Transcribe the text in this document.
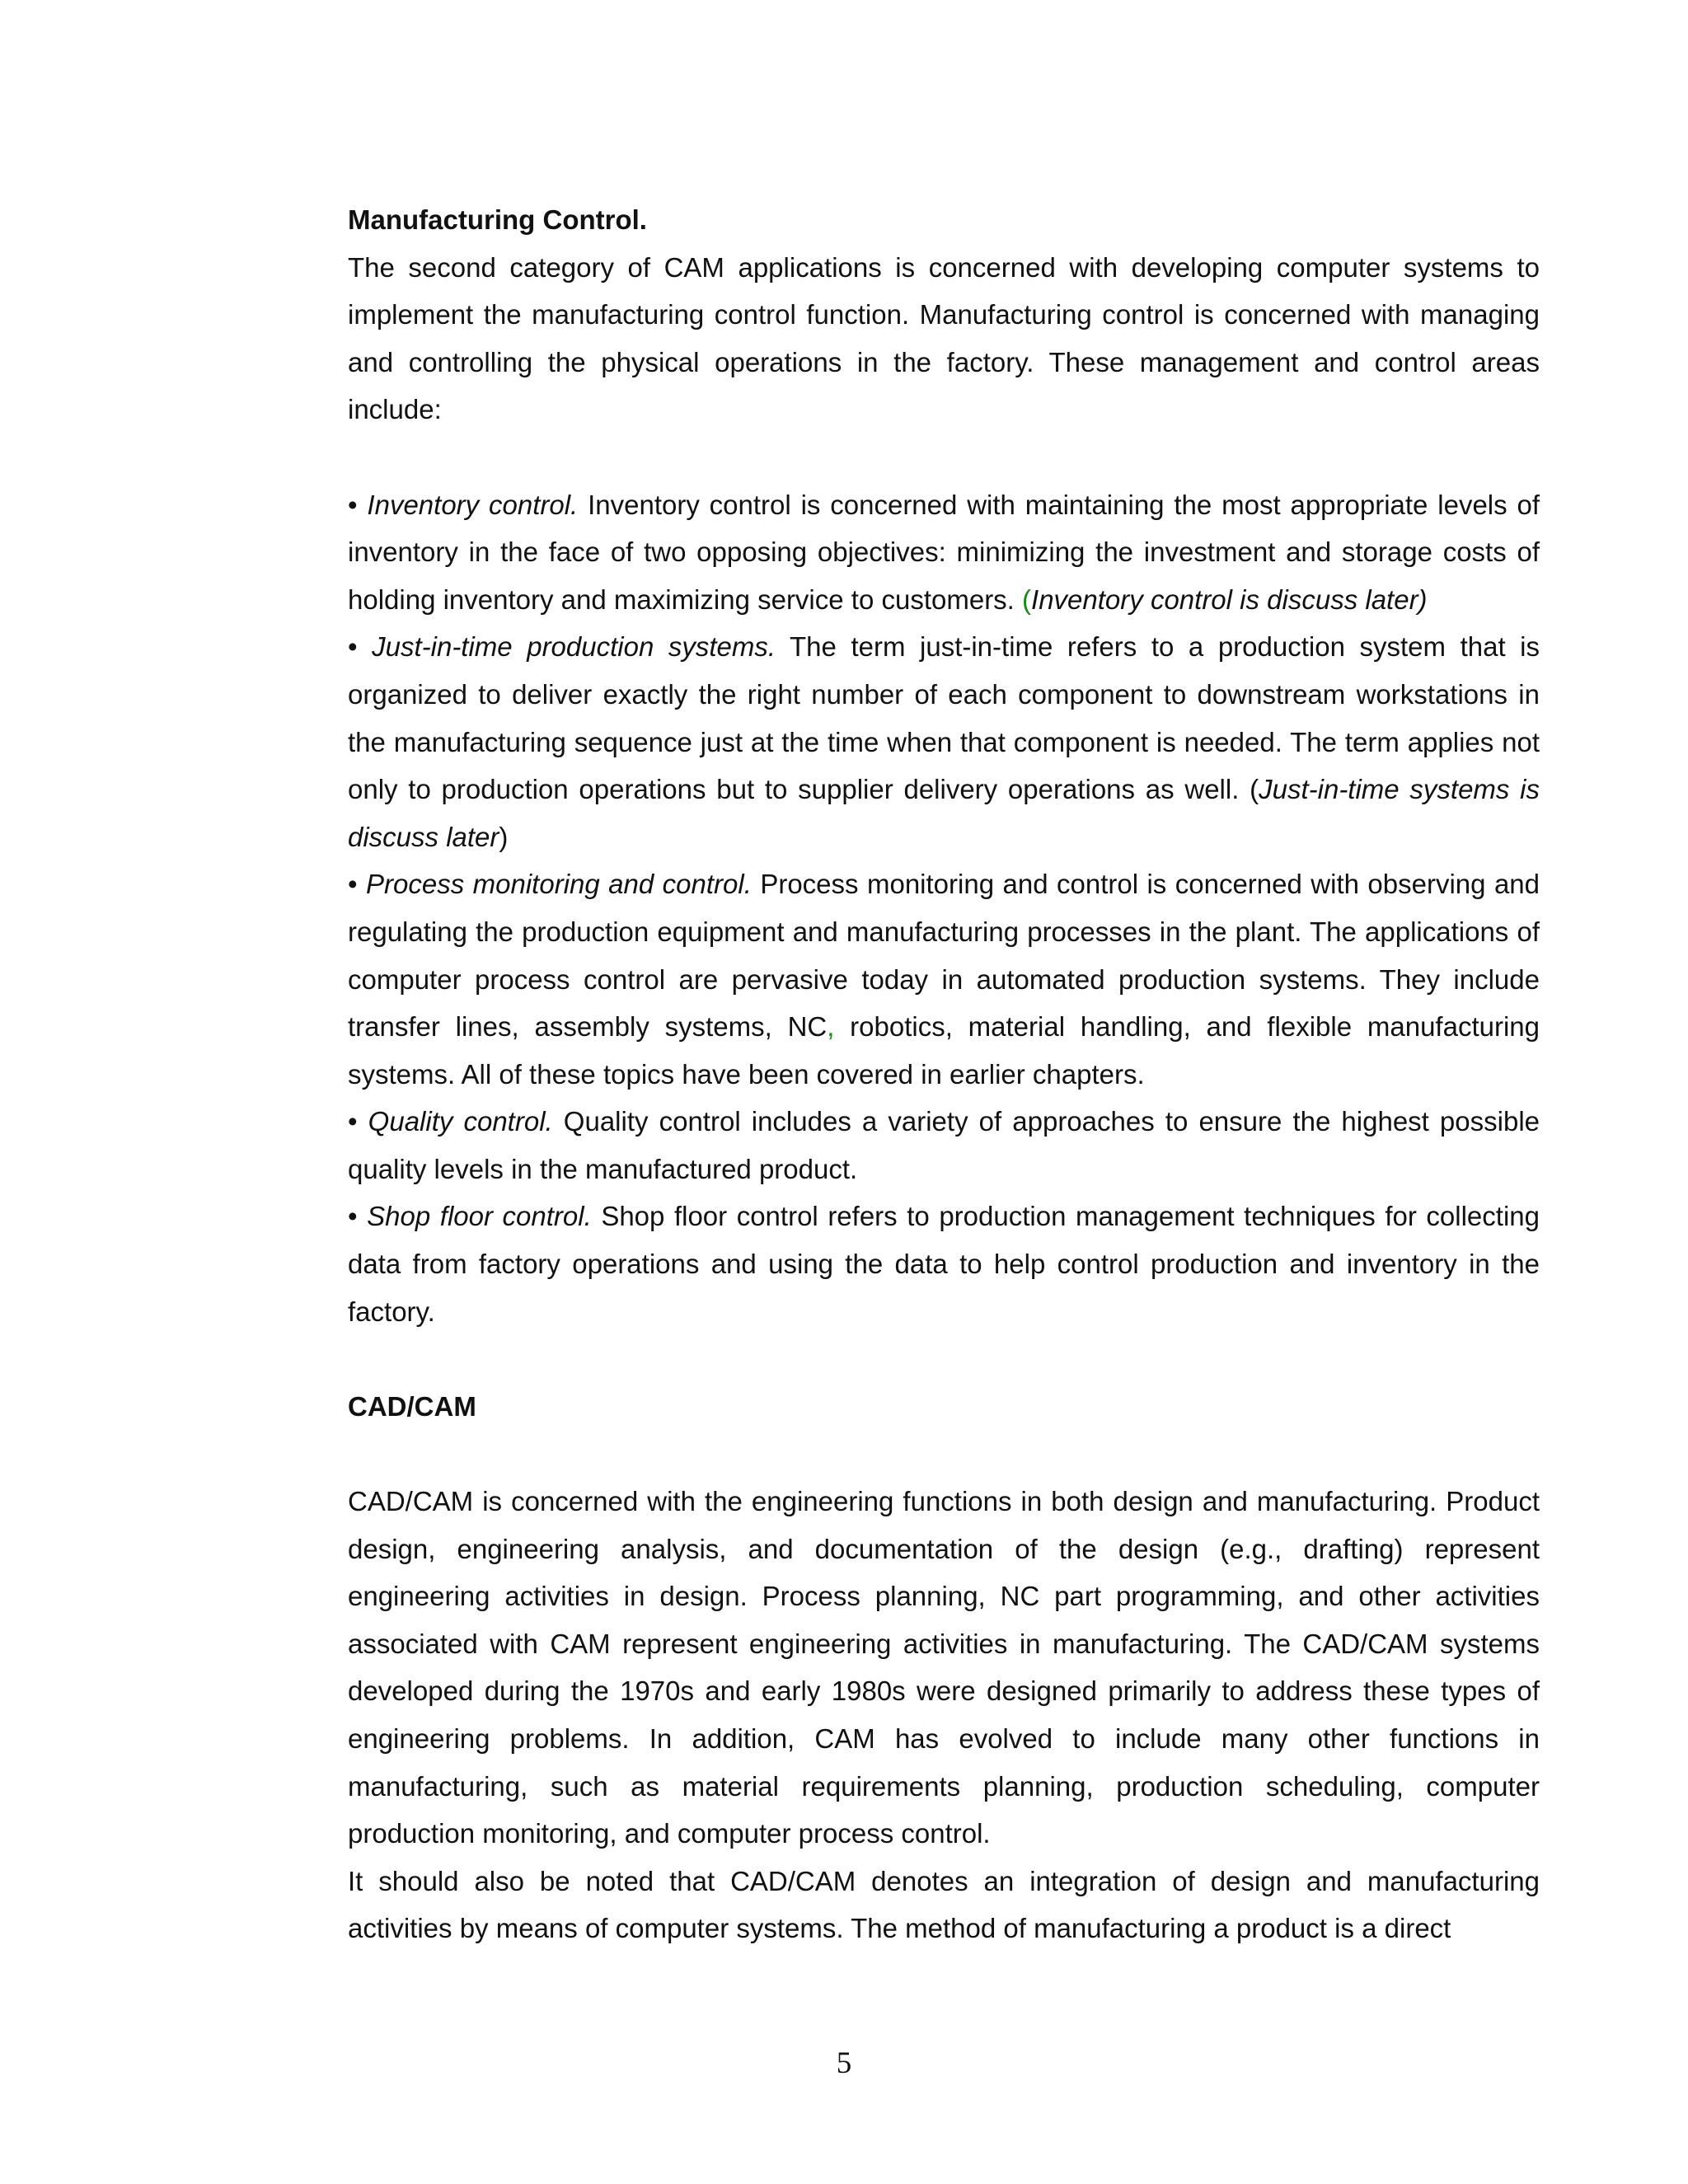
Manufacturing Control.

The second category of CAM applications is concerned with developing computer systems to implement the manufacturing control function. Manufacturing control is concerned with managing and controlling the physical operations in the factory. These management and control areas include:

• Inventory control. Inventory control is concerned with maintaining the most appropriate levels of inventory in the face of two opposing objectives: minimizing the investment and storage costs of holding inventory and maximizing service to customers. (Inventory control is discuss later)

• Just-in-time production systems. The term just-in-time refers to a production system that is organized to deliver exactly the right number of each component to downstream workstations in the manufacturing sequence just at the time when that component is needed. The term applies not only to production operations but to supplier delivery operations as well. (Just-in-time systems is discuss later)

• Process monitoring and control. Process monitoring and control is concerned with observing and regulating the production equipment and manufacturing processes in the plant. The applications of computer process control are pervasive today in automated production systems. They include transfer lines, assembly systems, NC, robotics, material handling, and flexible manufacturing systems. All of these topics have been covered in earlier chapters.

• Quality control. Quality control includes a variety of approaches to ensure the highest possible quality levels in the manufactured product.

• Shop floor control. Shop floor control refers to production management techniques for collecting data from factory operations and using the data to help control production and inventory in the factory.

CAD/CAM

CAD/CAM is concerned with the engineering functions in both design and manufacturing. Product design, engineering analysis, and documentation of the design (e.g., drafting) represent engineering activities in design. Process planning, NC part programming, and other activities associated with CAM represent engineering activities in manufacturing. The CAD/CAM systems developed during the 1970s and early 1980s were designed primarily to address these types of engineering problems. In addition, CAM has evolved to include many other functions in manufacturing, such as material requirements planning, production scheduling, computer production monitoring, and computer process control.

It should also be noted that CAD/CAM denotes an integration of design and manufacturing activities by means of computer systems. The method of manufacturing a product is a direct

5
